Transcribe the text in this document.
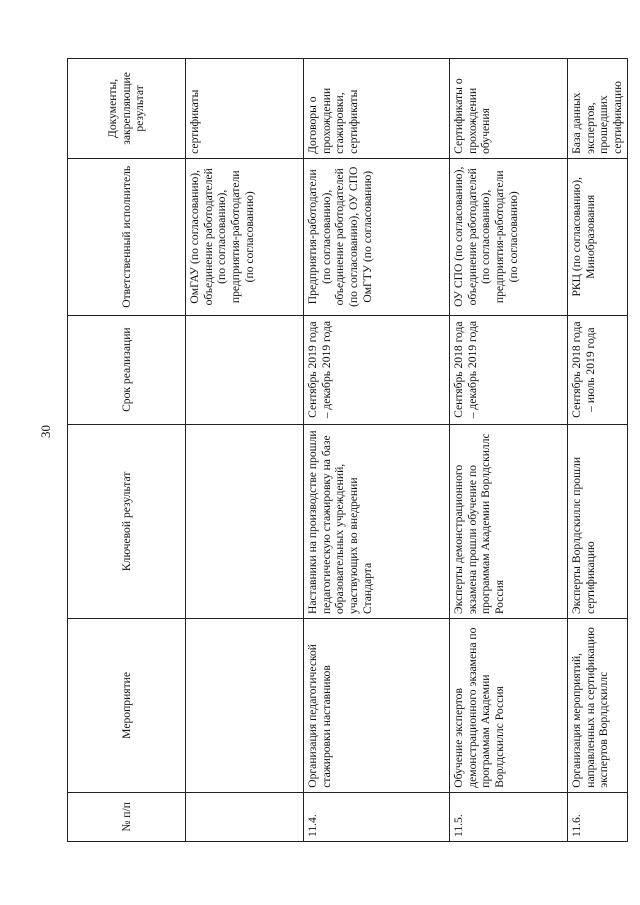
30
№ п/п	Мероприятие	Ключевой результат	Срок реализации	Ответственный исполнитель	Документы, закрепляющие результат
				ОмГАУ (по согласованию), объединение работодателей (по согласованию), предприятия-работодатели (по согласованию)	сертификаты
11.4.	Организация педагогической стажировки наставников	Наставники на производстве прошли педагогическую стажировку на базе образовательных учреждений, участвующих во внедрении Стандарта	Сентябрь 2019 года – декабрь 2019 года	Предприятия-работодатели (по согласованию), объединение работодателей (по согласованию), ОУ СПО ОмГТУ (по согласованию)	Договоры о прохождении стажировки, сертификаты
11.5.	Обучение экспертов демонстрационного экзамена по программам Академии Ворлдскиллс Россия	Эксперты демонстрационного экзамена прошли обучение по программам Академии Ворлдскиллс Россия	Сентябрь 2018 года – декабрь 2019 года	ОУ СПО (по согласованию), объединение работодателей (по согласованию), предприятия-работодатели (по согласованию)	Сертификаты о прохождении обучения
11.6.	Организация мероприятий, направленных на сертификацию экспертов Ворлдскиллс	Эксперты Ворлдскиллс прошли сертификацию	Сентябрь 2018 года – июль 2019 года	РКЦ (по согласованию), Минобразования	База данных экспертов, прошедших сертификацию
